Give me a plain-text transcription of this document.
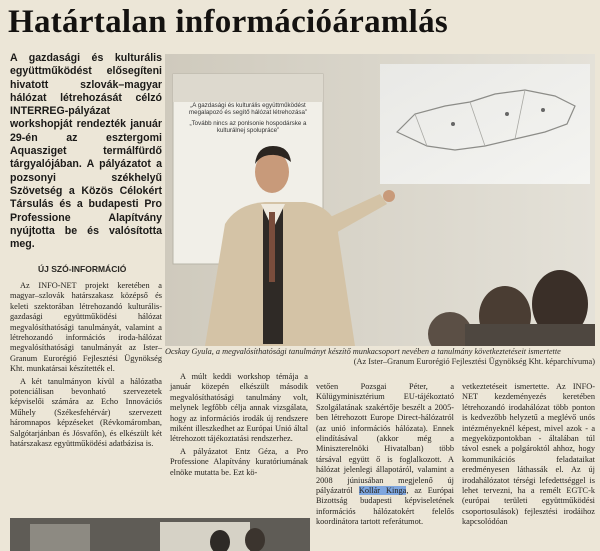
Határtalan információáramlás
A gazdasági és kulturális együttműködést elősegíteni hivatott szlovák–magyar hálózat létrehozását célzó INTERREG-pályázat workshopját rendezték január 29-én az esztergomi Aquasziget termálfürdő tárgyalójában. A pályázatot a pozsonyi székhelyű Szövetség a Közös Célokért Társulás és a budapesti Pro Professione Alapítvány nyújtotta be és valósította meg.
ÚJ SZÓ-INFORMÁCIÓ
„A gazdasági és kulturális együttműködést megalapozó és segítő hálózat létrehozása”
„Tovább nincs az ponlsonie hospodárske a kulturálnej spolupráce”
Ocskay Gyula, a megvalósíthatósági tanulmányt készítő munkacsoport nevében a tanulmány következtetéseit ismertette
(Az Ister–Granum Eurorégió Fejlesztési Ügynökség Kht. képarchívuma)

Az INFO-NET projekt keretében a magyar–szlovák határszakasz középső és keleti szektorában létrehozandó kulturális-gazdasági együttműködési hálózat megvalósíthatósági tanulmányát, valamint a létrehozandó információs iroda-hálózat megvalósíthatósági tanulmányát az Ister–Granum Eurorégió Fejlesztési Ügynökség Kht. munkatársai készítették el.

A két tanulmányon kívül a hálózatba potenciálisan bevonható szervezetek képviselői számára az Echo Innovációs Műhely (Székesfehérvár) szervezett háromnapos képzéseket (Révkomáromban, Salgótarjánban és Jósvafőn), és elkészült két határszakasz együttműködési adatbázisa is.

A múlt keddi workshop témája a január közepén elkészült második megvalósíthatósági tanulmány volt, melynek legfőbb célja annak vizsgálata, hogy az információs irodák új rendszere miként illeszkedhet az Európai Unió által létrehozott tájékoztatási rendszerhez.

A pályázatot Entz Géza, a Pro Professione Alapítvány kuratóriumának elnöke mutatta be. Ezt kö-

vetően Pozsgai Péter, a Külügyminisztérium EU-tájékoztató Szolgálatának szakértője beszélt a 2005-ben létrehozott Europe Direct-hálózatról (az unió információs hálózata). Ennek elindításával (akkor még a Miniszterelnöki Hivatalban) több társával együtt ő is foglalkozott. A hálózat jelenlegi állapotáról, valamint a 2008 júniusában megjelenő új pályázatról Kollár Kinga, az Európai Bizottság budapesti képviseletének információs hálózatokért felelős koordinátora tartott referátumot.

vetkeztetéseit ismertette. Az INFO-NET kezdeményezés keretében létrehozandó irodahálózat több ponton is kedvezőbb helyzetű a meglévő unós intézményeknél képest, mivel azok - a megyeközpontokban - általában túl távol esnek a polgároktól ahhoz, hogy kommunikációs feladataikat eredményesen láthassák el. Az új irodahálózatot térségi lefedettséggel is lehet tervezni, ha a remélt EGTC-k (európai területi együttműködési csoportosulások) fejlesztési irodáihoz kapcsolódóan
